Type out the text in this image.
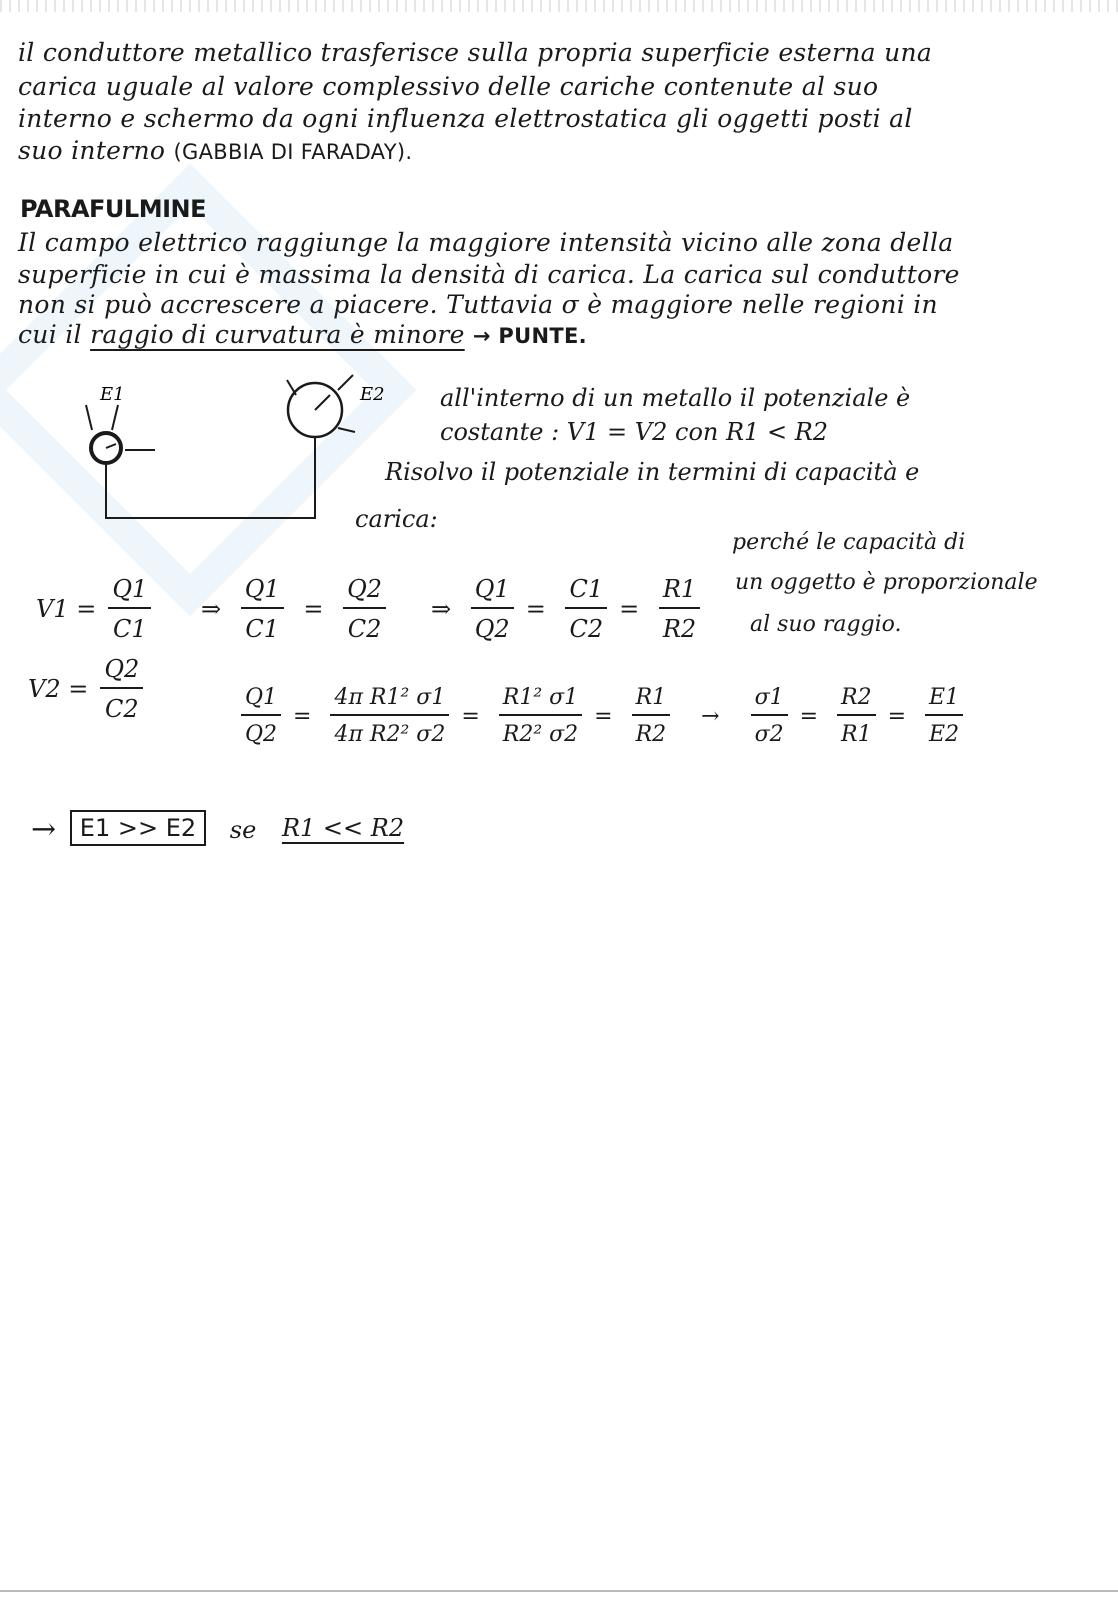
il conduttore metallico trasferisce sulla propria superficie esterna una
carica uguale al valore complessivo delle cariche contenute al suo
interno e schermo da ogni influenza elettrostatica gli oggetti posti al
suo interno (GABBIA DI FARADAY).
PARAFULMINE
Il campo elettrico raggiunge la maggiore intensità vicino alle zona della
superficie in cui è massima la densità di carica. La carica sul conduttore
non si può accrescere a piacere. Tuttavia σ è maggiore nelle regioni in
cui il raggio di curvatura è minore → PUNTE.
E1	E2 all'interno di un metallo il potenziale è
costante : V1 = V2 con R1 < R2
Risolvo il potenziale in termini di capacità e
carica:
$V1 = \frac{Q1}{C1}$ ⇒ $\frac{Q1}{C1} = \frac{Q2}{C2}$ ⇒ $\frac{Q1}{Q2} = \frac{C1}{C2} = \frac{R1}{R2}$
perché le capacità di
un oggetto è proporzionale
al suo raggio.
$V2 = \frac{Q2}{C2}$	$\frac{Q1}{Q2} = \frac{\text{4π R1² σ1}}{\text{4π R2² σ2}} = \frac{\text{R1² σ1}}{\text{R2² σ2}} = \frac{R1}{R2} \to \frac{\sigma 1}{\sigma 2} = \frac{R2}{R1} = \frac{E1}{E2}$
→ E1 >> E2 se R1 << R2
